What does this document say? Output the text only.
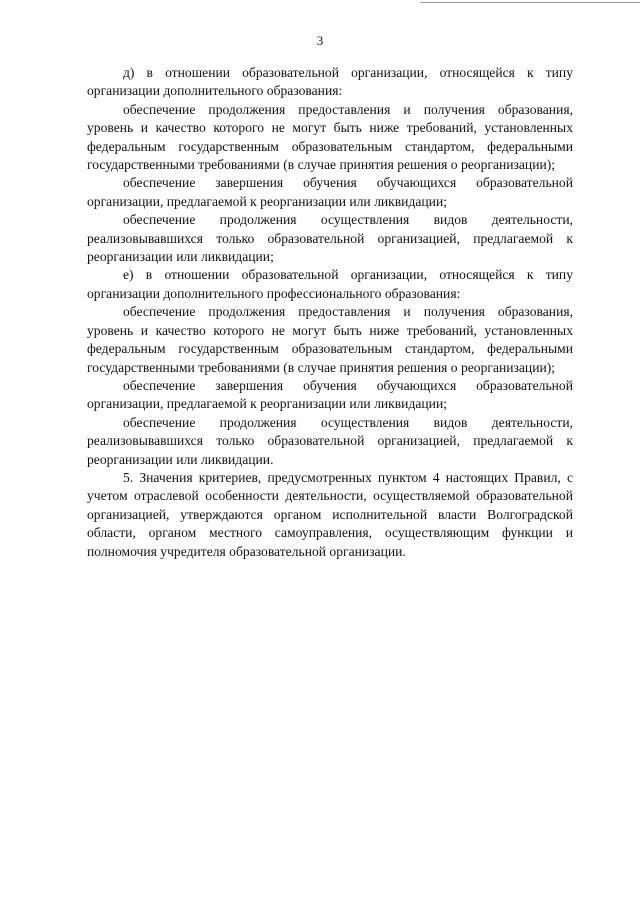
3

д) в отношении образовательной организации, относящейся к типу организации дополнительного образования:

обеспечение продолжения предоставления и получения образования, уровень и качество которого не могут быть ниже требований, установленных федеральным государственным образовательным стандартом, федеральными государственными требованиями (в случае принятия решения о реорганизации);

обеспечение завершения обучения обучающихся образовательной организации, предлагаемой к реорганизации или ликвидации;

обеспечение продолжения осуществления видов деятельности, реализовывавшихся только образовательной организацией, предлагаемой к реорганизации или ликвидации;

е) в отношении образовательной организации, относящейся к типу организации дополнительного профессионального образования:

обеспечение продолжения предоставления и получения образования, уровень и качество которого не могут быть ниже требований, установленных федеральным государственным образовательным стандартом, федеральными государственными требованиями (в случае принятия решения о реорганизации);

обеспечение завершения обучения обучающихся образовательной организации, предлагаемой к реорганизации или ликвидации;

обеспечение продолжения осуществления видов деятельности, реализовывавшихся только образовательной организацией, предлагаемой к реорганизации или ликвидации.

5. Значения критериев, предусмотренных пунктом 4 настоящих Правил, с учетом отраслевой особенности деятельности, осуществляемой образовательной организацией, утверждаются органом исполнительной власти Волгоградской области, органом местного самоуправления, осуществляющим функции и полномочия учредителя образовательной организации.
